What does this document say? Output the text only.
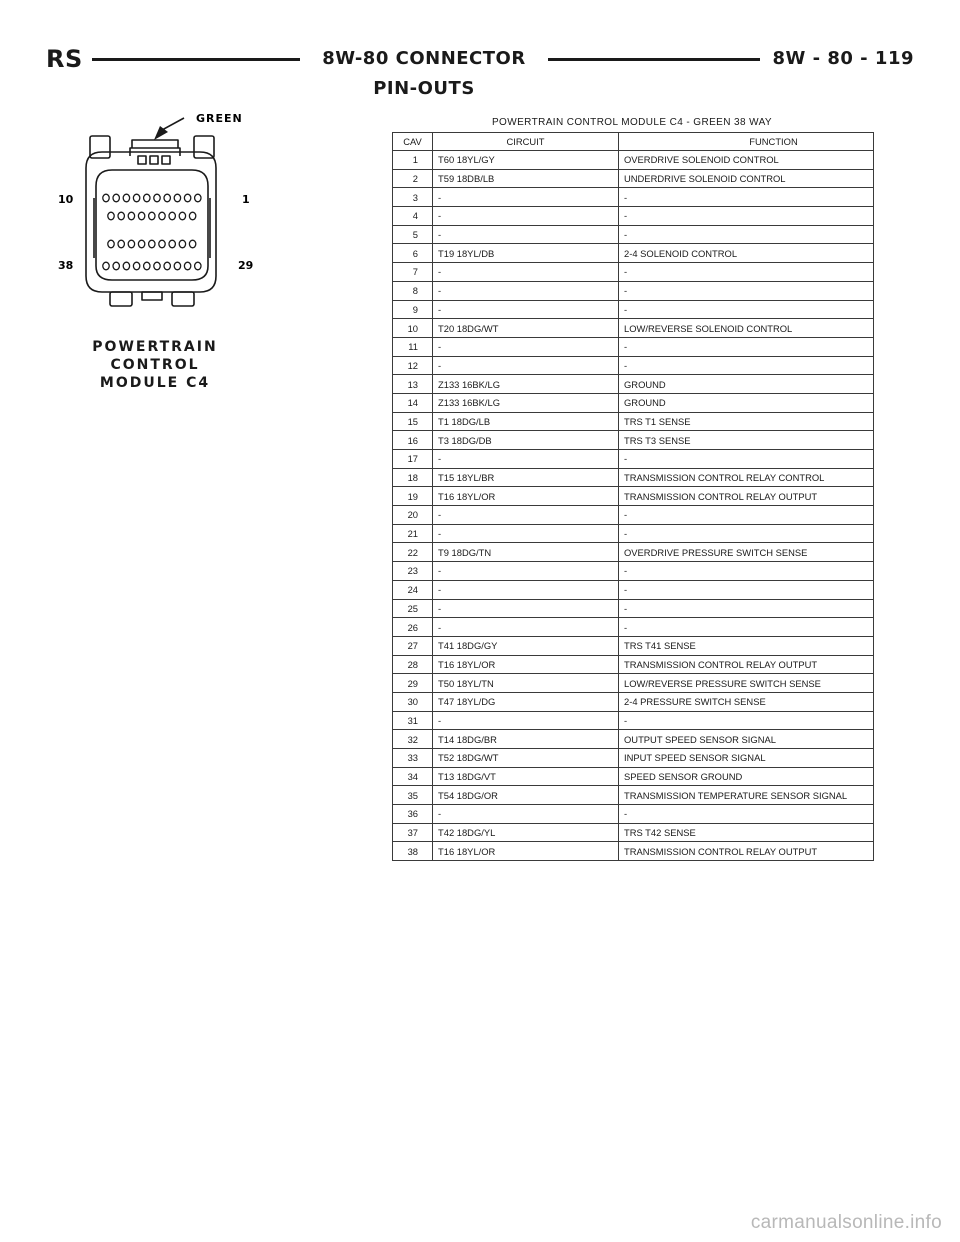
RS	8W-80 CONNECTOR PIN-OUTS
8W - 80 - 119
GREEN
10	1
38	29
POWERTRAIN
CONTROL
MODULE C4
POWERTRAIN CONTROL MODULE C4 - GREEN 38 WAY
CAV	CIRCUIT	FUNCTION
1	T60 18YL/GY	OVERDRIVE SOLENOID CONTROL
2	T59 18DB/LB	UNDERDRIVE SOLENOID CONTROL
3	-	-
4	-	-
5	-	-
6	T19 18YL/DB	2-4 SOLENOID CONTROL
7	-	-
8	-	-
9	-	-
10	T20 18DG/WT	LOW/REVERSE SOLENOID CONTROL
11	-	-
12	-	-
13	Z133 16BK/LG	GROUND
14	Z133 16BK/LG	GROUND
15	T1 18DG/LB	TRS T1 SENSE
16	T3 18DG/DB	TRS T3 SENSE
17	-	-
18	T15 18YL/BR	TRANSMISSION CONTROL RELAY CONTROL
19	T16 18YL/OR	TRANSMISSION CONTROL RELAY OUTPUT
20	-	-
21	-	-
22	T9 18DG/TN	OVERDRIVE PRESSURE SWITCH SENSE
23	-	-
24	-	-
25	-	-
26	-	-
27	T41 18DG/GY	TRS T41 SENSE
28	T16 18YL/OR	TRANSMISSION CONTROL RELAY OUTPUT
29	T50 18YL/TN	LOW/REVERSE PRESSURE SWITCH SENSE
30	T47 18YL/DG	2-4 PRESSURE SWITCH SENSE
31	-	-
32	T14 18DG/BR	OUTPUT SPEED SENSOR SIGNAL
33	T52 18DG/WT	INPUT SPEED SENSOR SIGNAL
34	T13 18DG/VT	SPEED SENSOR GROUND
35	T54 18DG/OR	TRANSMISSION TEMPERATURE SENSOR SIGNAL
36	-	-
37	T42 18DG/YL	TRS T42 SENSE
38	T16 18YL/OR	TRANSMISSION CONTROL RELAY OUTPUT
carmanualsonline.info
